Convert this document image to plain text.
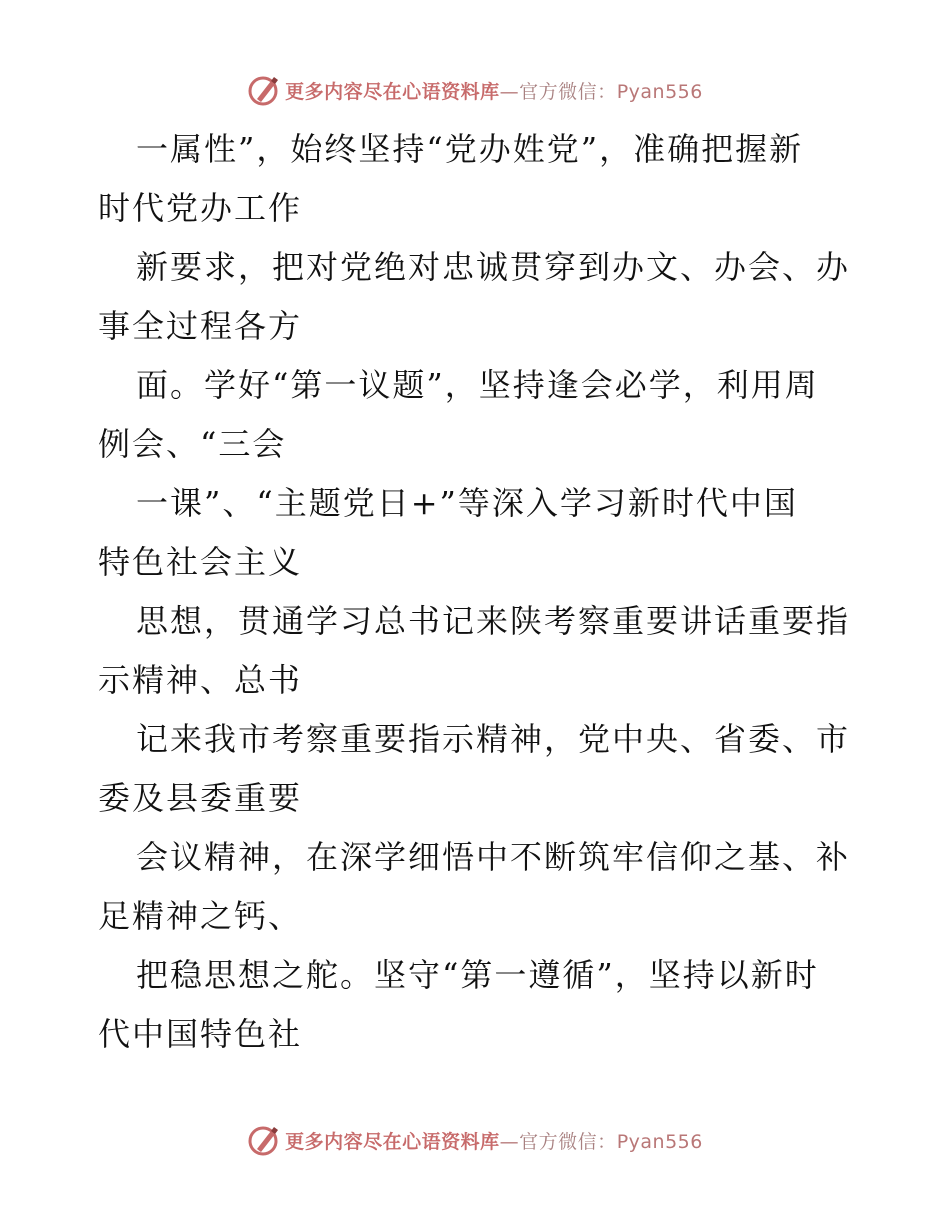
更多内容尽在心语资料库—官方微信：Pyan556
一属性”，始终坚持“党办姓党”，准确把握新
时代党办工作
新要求，把对党绝对忠诚贯穿到办文、办会、办
事全过程各方
面。学好“第一议题”，坚持逢会必学，利用周
例会、“三会
一课”、“主题党日+”等深入学习新时代中国
特色社会主义
思想，贯通学习总书记来陕考察重要讲话重要指
示精神、总书
记来我市考察重要指示精神，党中央、省委、市
委及县委重要
会议精神，在深学细悟中不断筑牢信仰之基、补
足精神之钙、
把稳思想之舵。坚守“第一遵循”，坚持以新时
代中国特色社
更多内容尽在心语资料库—官方微信：Pyan556
